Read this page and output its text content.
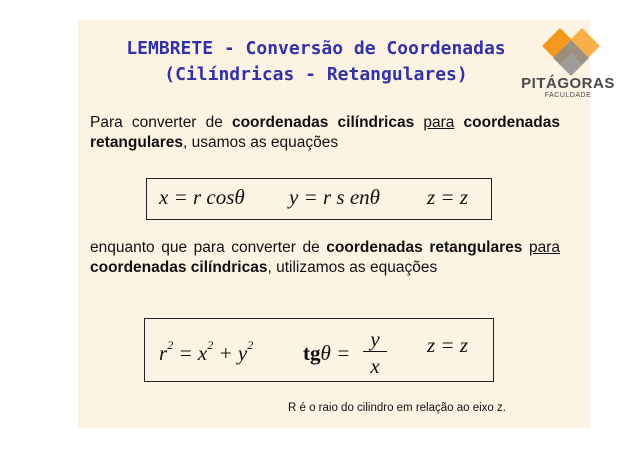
LEMBRETE - Conversão de Coordenadas
(Cilíndricas - Retangulares)	PITÁGORAS
FACULDADE
Para converter de coordenadas cilíndricas para coordenadas retangulares, usamos as equações
x = r cosθ y = r s enθ z = z
enquanto que para converter de coordenadas retangulares para coordenadas cilíndricas, utilizamos as equações
$r^2 = x^2 + y^2$ tgθ =
y
x
z = z
R é o raio do cilindro em relação ao eixo z.
